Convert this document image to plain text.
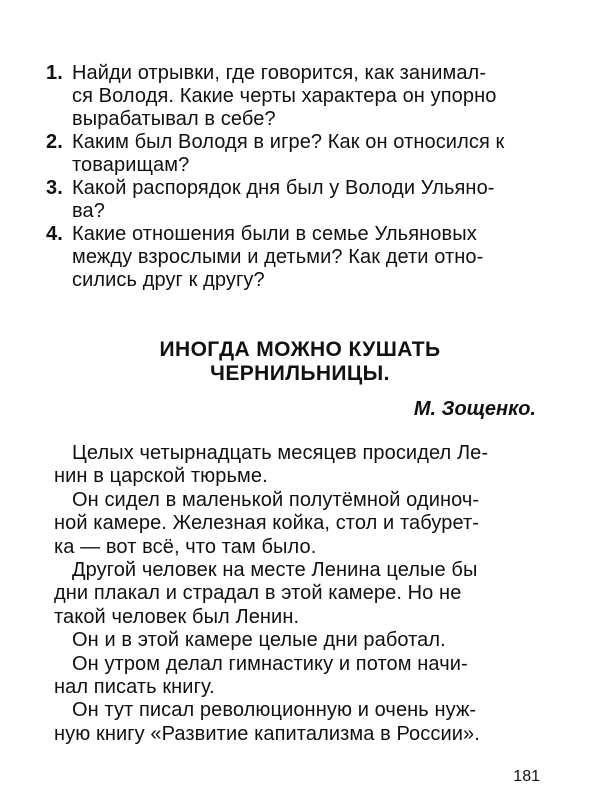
1. Найди отрывки, где говорится, как занимал-
ся Володя. Какие черты характера он упорно
вырабатывал в себе?
2. Каким был Володя в игре? Как он относился к
товарищам?
3. Какой распорядок дня был у Володи Ульяно-
ва?
4. Какие отношения были в семье Ульяновых
между взрослыми и детьми? Как дети отно-
сились друг к другу?
ИНОГДА МОЖНО КУШАТЬ
ЧЕРНИЛЬНИЦЫ.
М. Зощенко.
Целых четырнадцать месяцев просидел Ле-
нин в царской тюрьме.
Он сидел в маленькой полутёмной одиноч-
ной камере. Железная койка, стол и табурет-
ка — вот всё, что там было.
Другой человек на месте Ленина целые бы
дни плакал и страдал в этой камере. Но не
такой человек был Ленин.
Он и в этой камере целые дни работал.
Он утром делал гимнастику и потом начи-
нал писать книгу.
Он тут писал революционную и очень нуж-
ную книгу «Развитие капитализма в России».
181
